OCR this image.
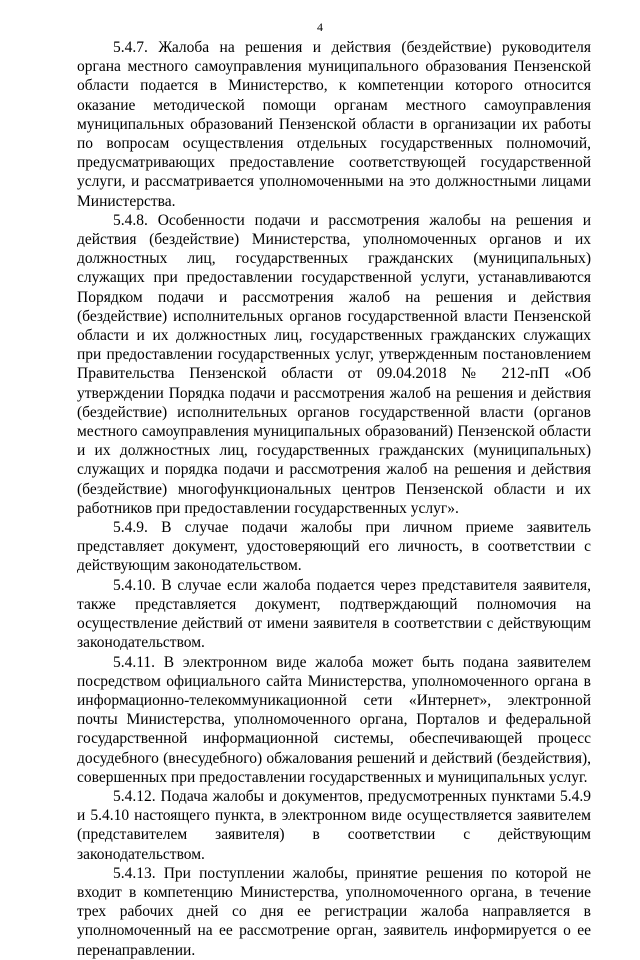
4

5.4.7. Жалоба на решения и действия (бездействие) руководителя органа местного самоуправления муниципального образования Пензенской области подается в Министерство, к компетенции которого относится оказание методической помощи органам местного самоуправления муниципальных образований Пензенской области в организации их работы по вопросам осуществления отдельных государственных полномочий, предусматривающих предоставление соответствующей государственной услуги, и рассматривается уполномоченными на это должностными лицами Министерства.

5.4.8. Особенности подачи и рассмотрения жалобы на решения и действия (бездействие) Министерства, уполномоченных органов и их должностных лиц, государственных гражданских (муниципальных) служащих при предоставлении государственной услуги, устанавливаются Порядком подачи и рассмотрения жалоб на решения и действия (бездействие) исполнительных органов государственной власти Пензенской области и их должностных лиц, государственных гражданских служащих при предоставлении государственных услуг, утвержденным постановлением Правительства Пензенской области от 09.04.2018 № 212-пП «Об утверждении Порядка подачи и рассмотрения жалоб на решения и действия (бездействие) исполнительных органов государственной власти (органов местного самоуправления муниципальных образований) Пензенской области и их должностных лиц, государственных гражданских (муниципальных) служащих и порядка подачи и рассмотрения жалоб на решения и действия (бездействие) многофункциональных центров Пензенской области и их работников при предоставлении государственных услуг».

5.4.9. В случае подачи жалобы при личном приеме заявитель представляет документ, удостоверяющий его личность, в соответствии с действующим законодательством.

5.4.10. В случае если жалоба подается через представителя заявителя, также представляется документ, подтверждающий полномочия на осуществление действий от имени заявителя в соответствии с действующим законодательством.

5.4.11. В электронном виде жалоба может быть подана заявителем посредством официального сайта Министерства, уполномоченного органа в информационно-телекоммуникационной сети «Интернет», электронной почты Министерства, уполномоченного органа, Порталов и федеральной государственной информационной системы, обеспечивающей процесс досудебного (внесудебного) обжалования решений и действий (бездействия), совершенных при предоставлении государственных и муниципальных услуг.

5.4.12. Подача жалобы и документов, предусмотренных пунктами 5.4.9 и 5.4.10 настоящего пункта, в электронном виде осуществляется заявителем (представителем заявителя) в соответствии с действующим законодательством.

5.4.13. При поступлении жалобы, принятие решения по которой не входит в компетенцию Министерства, уполномоченного органа, в течение трех рабочих дней со дня ее регистрации жалоба направляется в уполномоченный на ее рассмотрение орган, заявитель информируется о ее перенаправлении.
